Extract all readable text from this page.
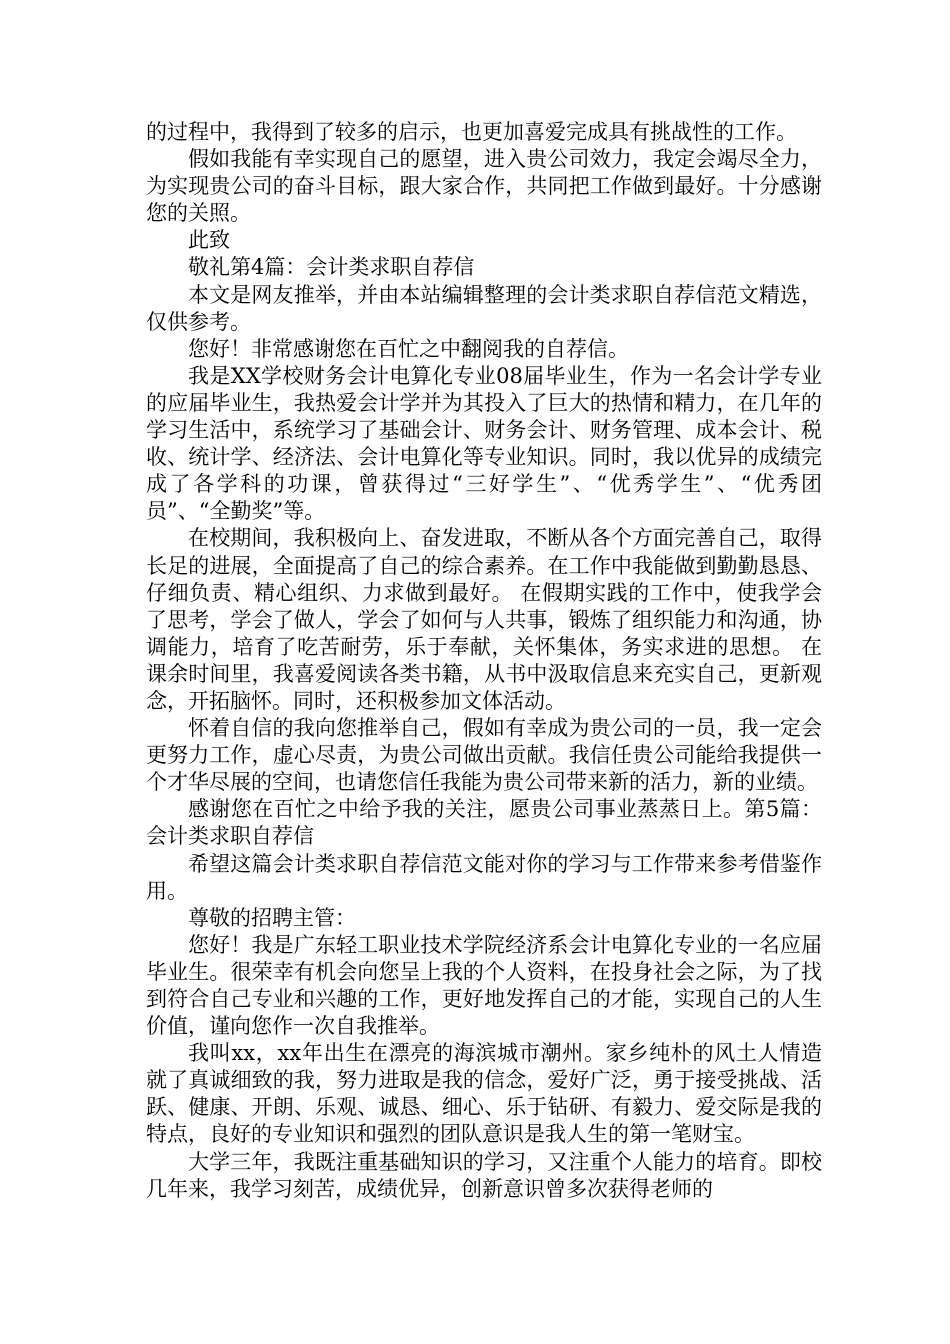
的过程中，我得到了较多的启示，也更加喜爱完成具有挑战性的工作。

假如我能有幸实现自己的愿望，进入贵公司效力，我定会竭尽全力，为实现贵公司的奋斗目标，跟大家合作，共同把工作做到最好。十分感谢您的关照。

此致

敬礼第4篇：会计类求职自荐信

本文是网友推举，并由本站编辑整理的会计类求职自荐信范文精选，仅供参考。

您好！非常感谢您在百忙之中翻阅我的自荐信。

我是XX学校财务会计电算化专业08届毕业生，作为一名会计学专业的应届毕业生，我热爱会计学并为其投入了巨大的热情和精力，在几年的学习生活中，系统学习了基础会计、财务会计、财务管理、成本会计、税收、统计学、经济法、会计电算化等专业知识。同时，我以优异的成绩完成了各学科的功课，曾获得过“三好学生”、“优秀学生”、“优秀团员”、“全勤奖”等。

在校期间，我积极向上、奋发进取，不断从各个方面完善自己，取得长足的进展，全面提高了自己的综合素养。在工作中我能做到勤勤恳恳、仔细负责、精心组织、力求做到最好。 在假期实践的工作中，使我学会了思考，学会了做人，学会了如何与人共事，锻炼了组织能力和沟通，协调能力，培育了吃苦耐劳，乐于奉献，关怀集体，务实求进的思想。 在课余时间里，我喜爱阅读各类书籍，从书中汲取信息来充实自己，更新观念，开拓脑怀。同时，还积极参加文体活动。

怀着自信的我向您推举自己，假如有幸成为贵公司的一员，我一定会更努力工作，虚心尽责，为贵公司做出贡献。我信任贵公司能给我提供一个才华尽展的空间，也请您信任我能为贵公司带来新的活力，新的业绩。

感谢您在百忙之中给予我的关注，愿贵公司事业蒸蒸日上。第5篇：会计类求职自荐信

希望这篇会计类求职自荐信范文能对你的学习与工作带来参考借鉴作用。

尊敬的招聘主管：

您好！我是广东轻工职业技术学院经济系会计电算化专业的一名应届毕业生。很荣幸有机会向您呈上我的个人资料，在投身社会之际，为了找到符合自己专业和兴趣的工作，更好地发挥自己的才能，实现自己的人生价值，谨向您作一次自我推举。

我叫xx，xx年出生在漂亮的海滨城市潮州。家乡纯朴的风土人情造就了真诚细致的我，努力进取是我的信念，爱好广泛，勇于接受挑战、活跃、健康、开朗、乐观、诚恳、细心、乐于钻研、有毅力、爱交际是我的特点，良好的专业知识和强烈的团队意识是我人生的第一笔财宝。

大学三年，我既注重基础知识的学习，又注重个人能力的培育。即校几年来，我学习刻苦，成绩优异，创新意识曾多次获得老师的
